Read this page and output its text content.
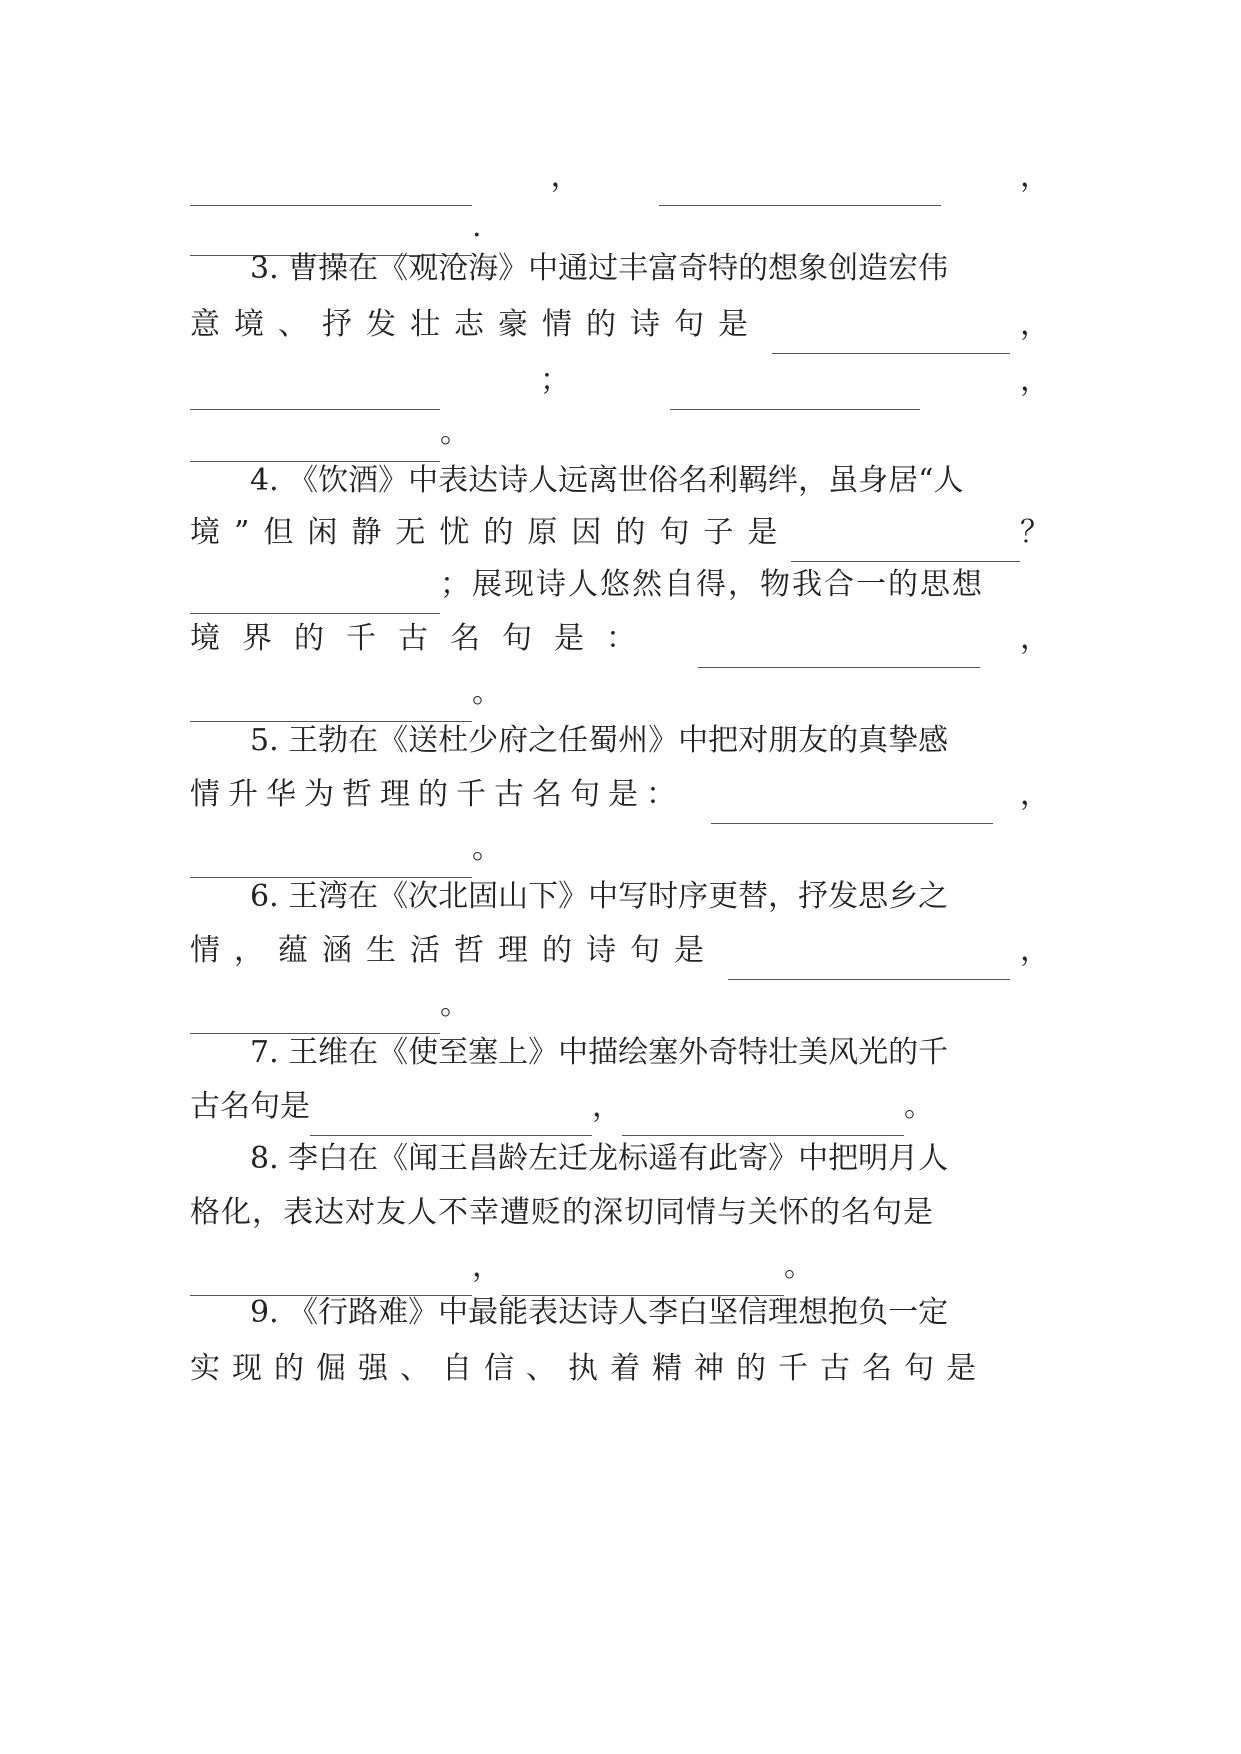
，	，
.
3. 曹操在《观沧海》中通过丰富奇特的想象创造宏伟
意境、抒发壮志豪情的诗句是	，
；	，
。
4. 《饮酒》中表达诗人远离世俗名利羁绊，虽身居“人
境”但闲静无忧的原因的句子是	？
；展现诗人悠然自得，物我合一的思想
境界的千古名句是：	，
。
5. 王勃在《送杜少府之任蜀州》中把对朋友的真挚感
情升华为哲理的千古名句是：	，
。
6. 王湾在《次北固山下》中写时序更替，抒发思乡之
情，蕴涵生活哲理的诗句是	，
。
7. 王维在《使至塞上》中描绘塞外奇特壮美风光的千
古名句是	，	。
8. 李白在《闻王昌龄左迁龙标遥有此寄》中把明月人
格化，表达对友人不幸遭贬的深切同情与关怀的名句是
，	。
9. 《行路难》中最能表达诗人李白坚信理想抱负一定
实现的倔强、自信、执着精神的千古名句是
